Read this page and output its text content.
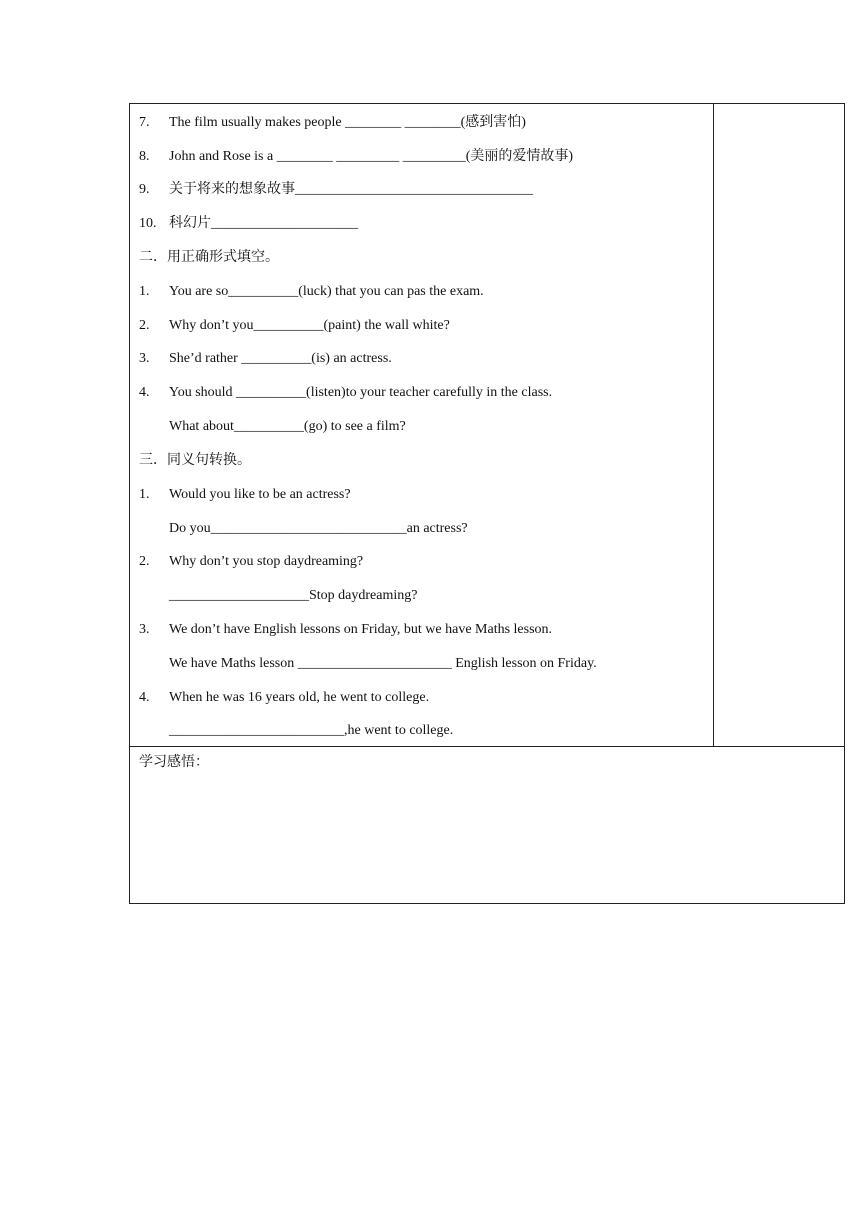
7. The film usually makes people ________ ________(感到害怕)
8. John and Rose is a ________ _________ _________(美丽的爱情故事)
9. 关于将来的想象故事__________________________________
10. 科幻片_____________________
二．用正确形式填空。
1. You are so__________(luck) that you can pas the exam.
2. Why don’t you__________(paint) the wall white?
3. She’d rather __________(is) an actress.
4. You should __________(listen)to your teacher carefully in the class.
What about__________(go) to see a film?
三．同义句转换。
1. Would you like to be an actress?
Do you____________________________an actress?
2. Why don’t you stop daydreaming?
____________________Stop daydreaming?
3. We don’t have English lessons on Friday, but we have Maths lesson.
We have Maths lesson ______________________ English lesson on Friday.
4. When he was 16 years old, he went to college.
_________________________,he went to college.
学习感悟：
